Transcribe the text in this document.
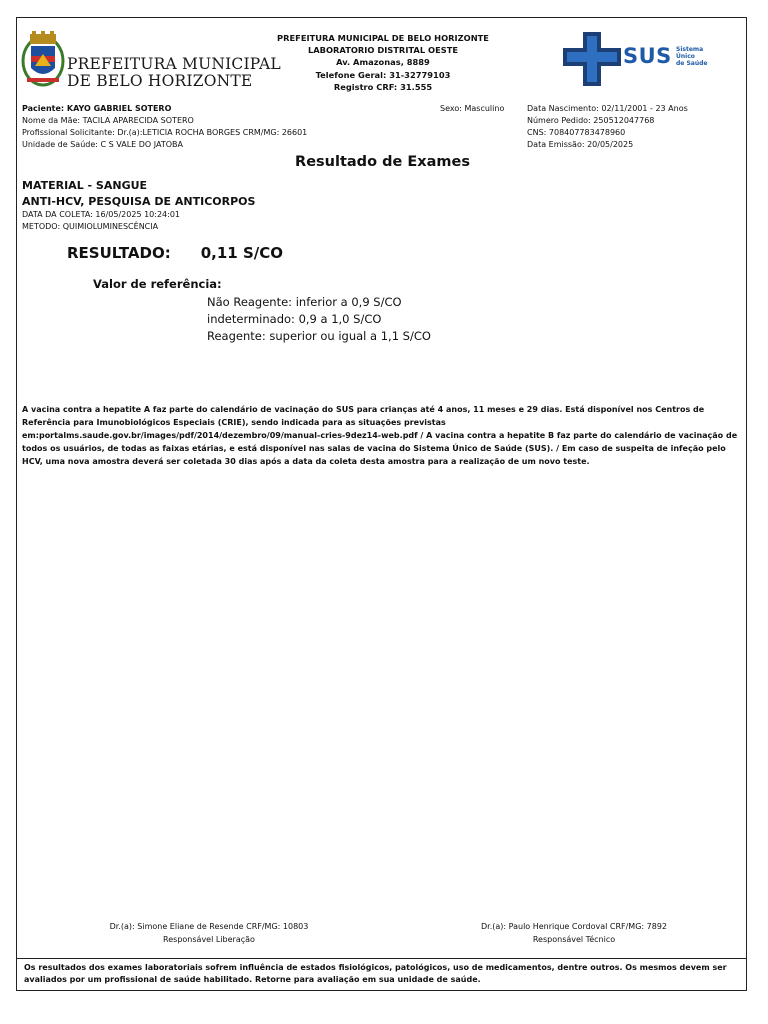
PREFEITURA MUNICIPAL
DE BELO HORIZONTE
PREFEITURA MUNICIPAL DE BELO HORIZONTE
LABORATORIO DISTRITAL OESTE
Av. Amazonas, 8889
Telefone Geral: 31-32779103
Registro CRF: 31.555
SUS Sistema
Único
de Saúde
Paciente: KAYO GABRIEL SOTERO
Nome da Mãe: TACILA APARECIDA SOTERO
Profissional Solicitante: Dr.(a):LETICIA ROCHA BORGES CRM/MG: 26601
Unidade de Saúde: C S VALE DO JATOBA
Sexo: Masculino	Data Nascimento: 02/11/2001 - 23 Anos
Número Pedido: 250512047768
CNS: 708407783478960
Data Emissão: 20/05/2025
Resultado de Exames
MATERIAL - SANGUE
ANTI-HCV, PESQUISA DE ANTICORPOS
DATA DA COLETA: 16/05/2025 10:24:01
METODO: QUIMIOLUMINESCÊNCIA
RESULTADO: 0,11 S/CO
Valor de referência:
Não Reagente: inferior a 0,9 S/CO
indeterminado: 0,9 a 1,0 S/CO
Reagente: superior ou igual a 1,1 S/CO
A vacina contra a hepatite A faz parte do calendário de vacinação do SUS para crianças até 4 anos, 11 meses e 29 dias. Está disponível nos Centros de Referência para Imunobiológicos Especiais (CRIE), sendo indicada para as situações previstas em:portalms.saude.gov.br/images/pdf/2014/dezembro/09/manual-cries-9dez14-web.pdf / A vacina contra a hepatite B faz parte do calendário de vacinação de todos os usuários, de todas as faixas etárias, e está disponível nas salas de vacina do Sistema Único de Saúde (SUS). / Em caso de suspeita de infeção pelo HCV, uma nova amostra deverá ser coletada 30 dias após a data da coleta desta amostra para a realização de um novo teste.
Dr.(a): Simone Eliane de Resende CRF/MG: 10803
Responsável Liberação
Dr.(a): Paulo Henrique Cordoval CRF/MG: 7892
Responsável Técnico
Os resultados dos exames laboratoriais sofrem influência de estados fisiológicos, patológicos, uso de medicamentos, dentre outros. Os mesmos devem ser avaliados por um profissional de saúde habilitado. Retorne para avaliação em sua unidade de saúde.
